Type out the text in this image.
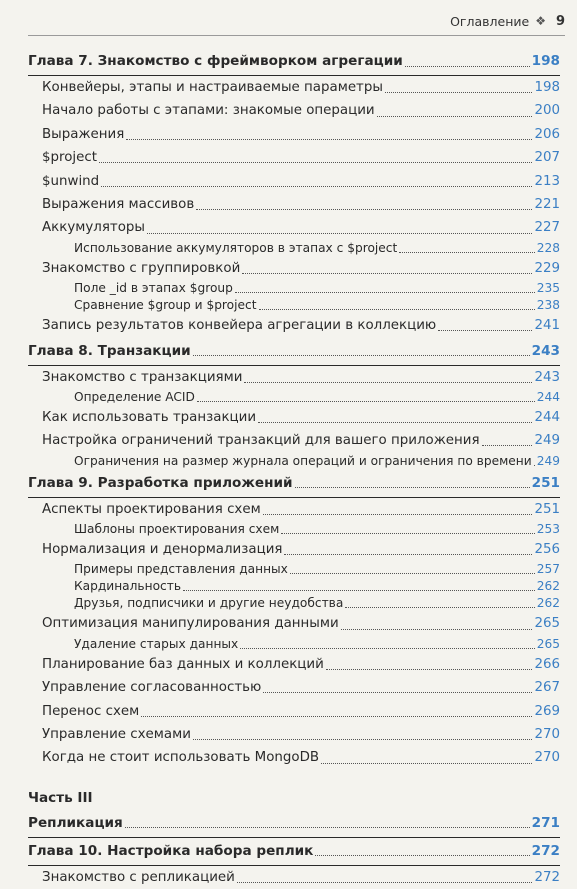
Оглавление ❖ 9
Глава 7. Знакомство с фреймворком агрегации	198
Конвейеры, этапы и настраиваемые параметры	198
Начало работы с этапами: знакомые операции	200
Выражения	206
$project	207
$unwind	213
Выражения массивов	221
Аккумуляторы	227
Использование аккумуляторов в этапах с $project	228
Знакомство с группировкой	229
Поле _id в этапах $group	235
Сравнение $group и $project	238
Запись результатов конвейера агрегации в коллекцию	241
Глава 8. Транзакции	243
Знакомство с транзакциями	243
Определение ACID	244
Как использовать транзакции	244
Настройка ограничений транзакций для вашего приложения	249
Ограничения на размер журнала операций и ограничения по времени 249
Глава 9. Разработка приложений	251
Аспекты проектирования схем	251
Шаблоны проектирования схем	253
Нормализация и денормализация	256
Примеры представления данных	257
Кардинальность	262
Друзья, подписчики и другие неудобства	262
Оптимизация манипулирования данными	265
Удаление старых данных	265
Планирование баз данных и коллекций	266
Управление согласованностью	267
Перенос схем	269
Управление схемами	270
Когда не стоит использовать MongoDB	270
Часть III
Репликация	271
Глава 10. Настройка набора реплик	272
Знакомство с репликацией	272
